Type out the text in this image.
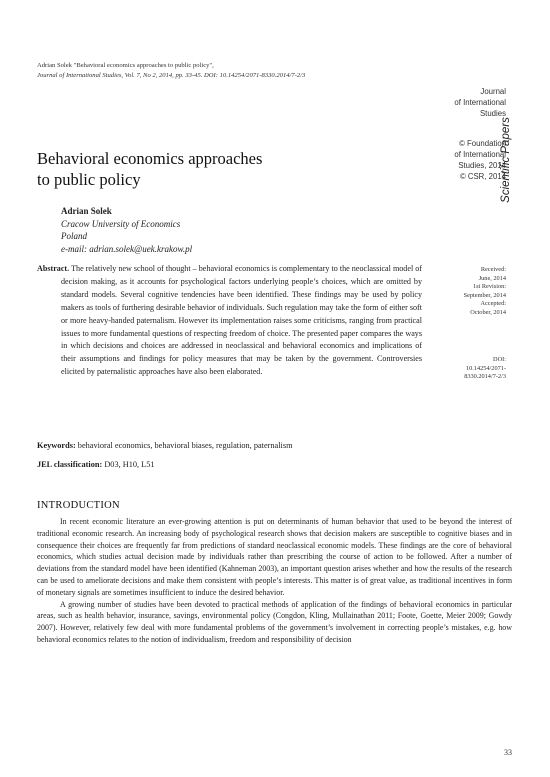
Adrian Solek "Behavioral economics approaches to public policy",
Journal of International Studies, Vol. 7, No 2, 2014, pp. 33-45. DOI: 10.14254/2071-8330.2014/7-2/3
Journal
of International
Studies
© Foundation
of International
Studies, 2014
© CSR, 2014
Scientific Papers
Behavioral economics approaches
to public policy
Adrian Solek
Cracow University of Economics
Poland
e-mail: adrian.solek@uek.krakow.pl

Abstract. The relatively new school of thought – behavioral economics is complementary to the neoclassical model of decision making, as it accounts for psychological factors underlying people’s choices, which are omitted by standard models. Several cognitive tendencies have been identified. These findings may be used by policy makers as tools of furthering desirable behavior of individuals. Such regulation may take the form of either soft or more heavy-handed paternalism. However its implementation raises some criticisms, ranging from practical issues to more fundamental questions of respecting freedom of choice. The presented paper compares the ways in which decisions and choices are addressed in neoclassical and behavioral economics and implications of their assumptions and findings for policy measures that may be taken by the government. Controversies elicited by paternalistic approaches have also been elaborated.

Received:
June, 2014
1st Revision:
September, 2014
Accepted:
October, 2014
DOI:
10.14254/2071-
8330.2014/7-2/3
Keywords: behavioral economics, behavioral biases, regulation, paternalism
JEL classification: D03, H10, L51
INTRODUCTION

In recent economic literature an ever-growing attention is put on determinants of human behavior that used to be beyond the interest of traditional economic research. An increasing body of psychological research shows that decision makers are susceptible to cognitive biases and in consequence their choices are frequently far from predictions of standard neoclassical economic models. These findings are the core of behavioral economics, which studies actual decision made by individuals rather than prescribing the course of action to be followed. After a number of deviations from the standard model have been identified (Kahneman 2003), an important question arises whether and how the results of the research can be used to ameliorate decisions and make them consistent with people’s interests. This matter is of great value, as traditional incentives in form of monetary signals are sometimes insufficient to induce the desired behavior.

A growing number of studies have been devoted to practical methods of application of the findings of behavioral economics in particular areas, such as health behavior, insurance, savings, environmental policy (Congdon, Kling, Mullainathan 2011; Foote, Goette, Meier 2009; Gowdy 2007). However, relatively few deal with more fundamental problems of the government’s involvement in correcting people’s mistakes, e.g. how behavioral economics relates to the notion of individualism, freedom and responsibility of decision

33
